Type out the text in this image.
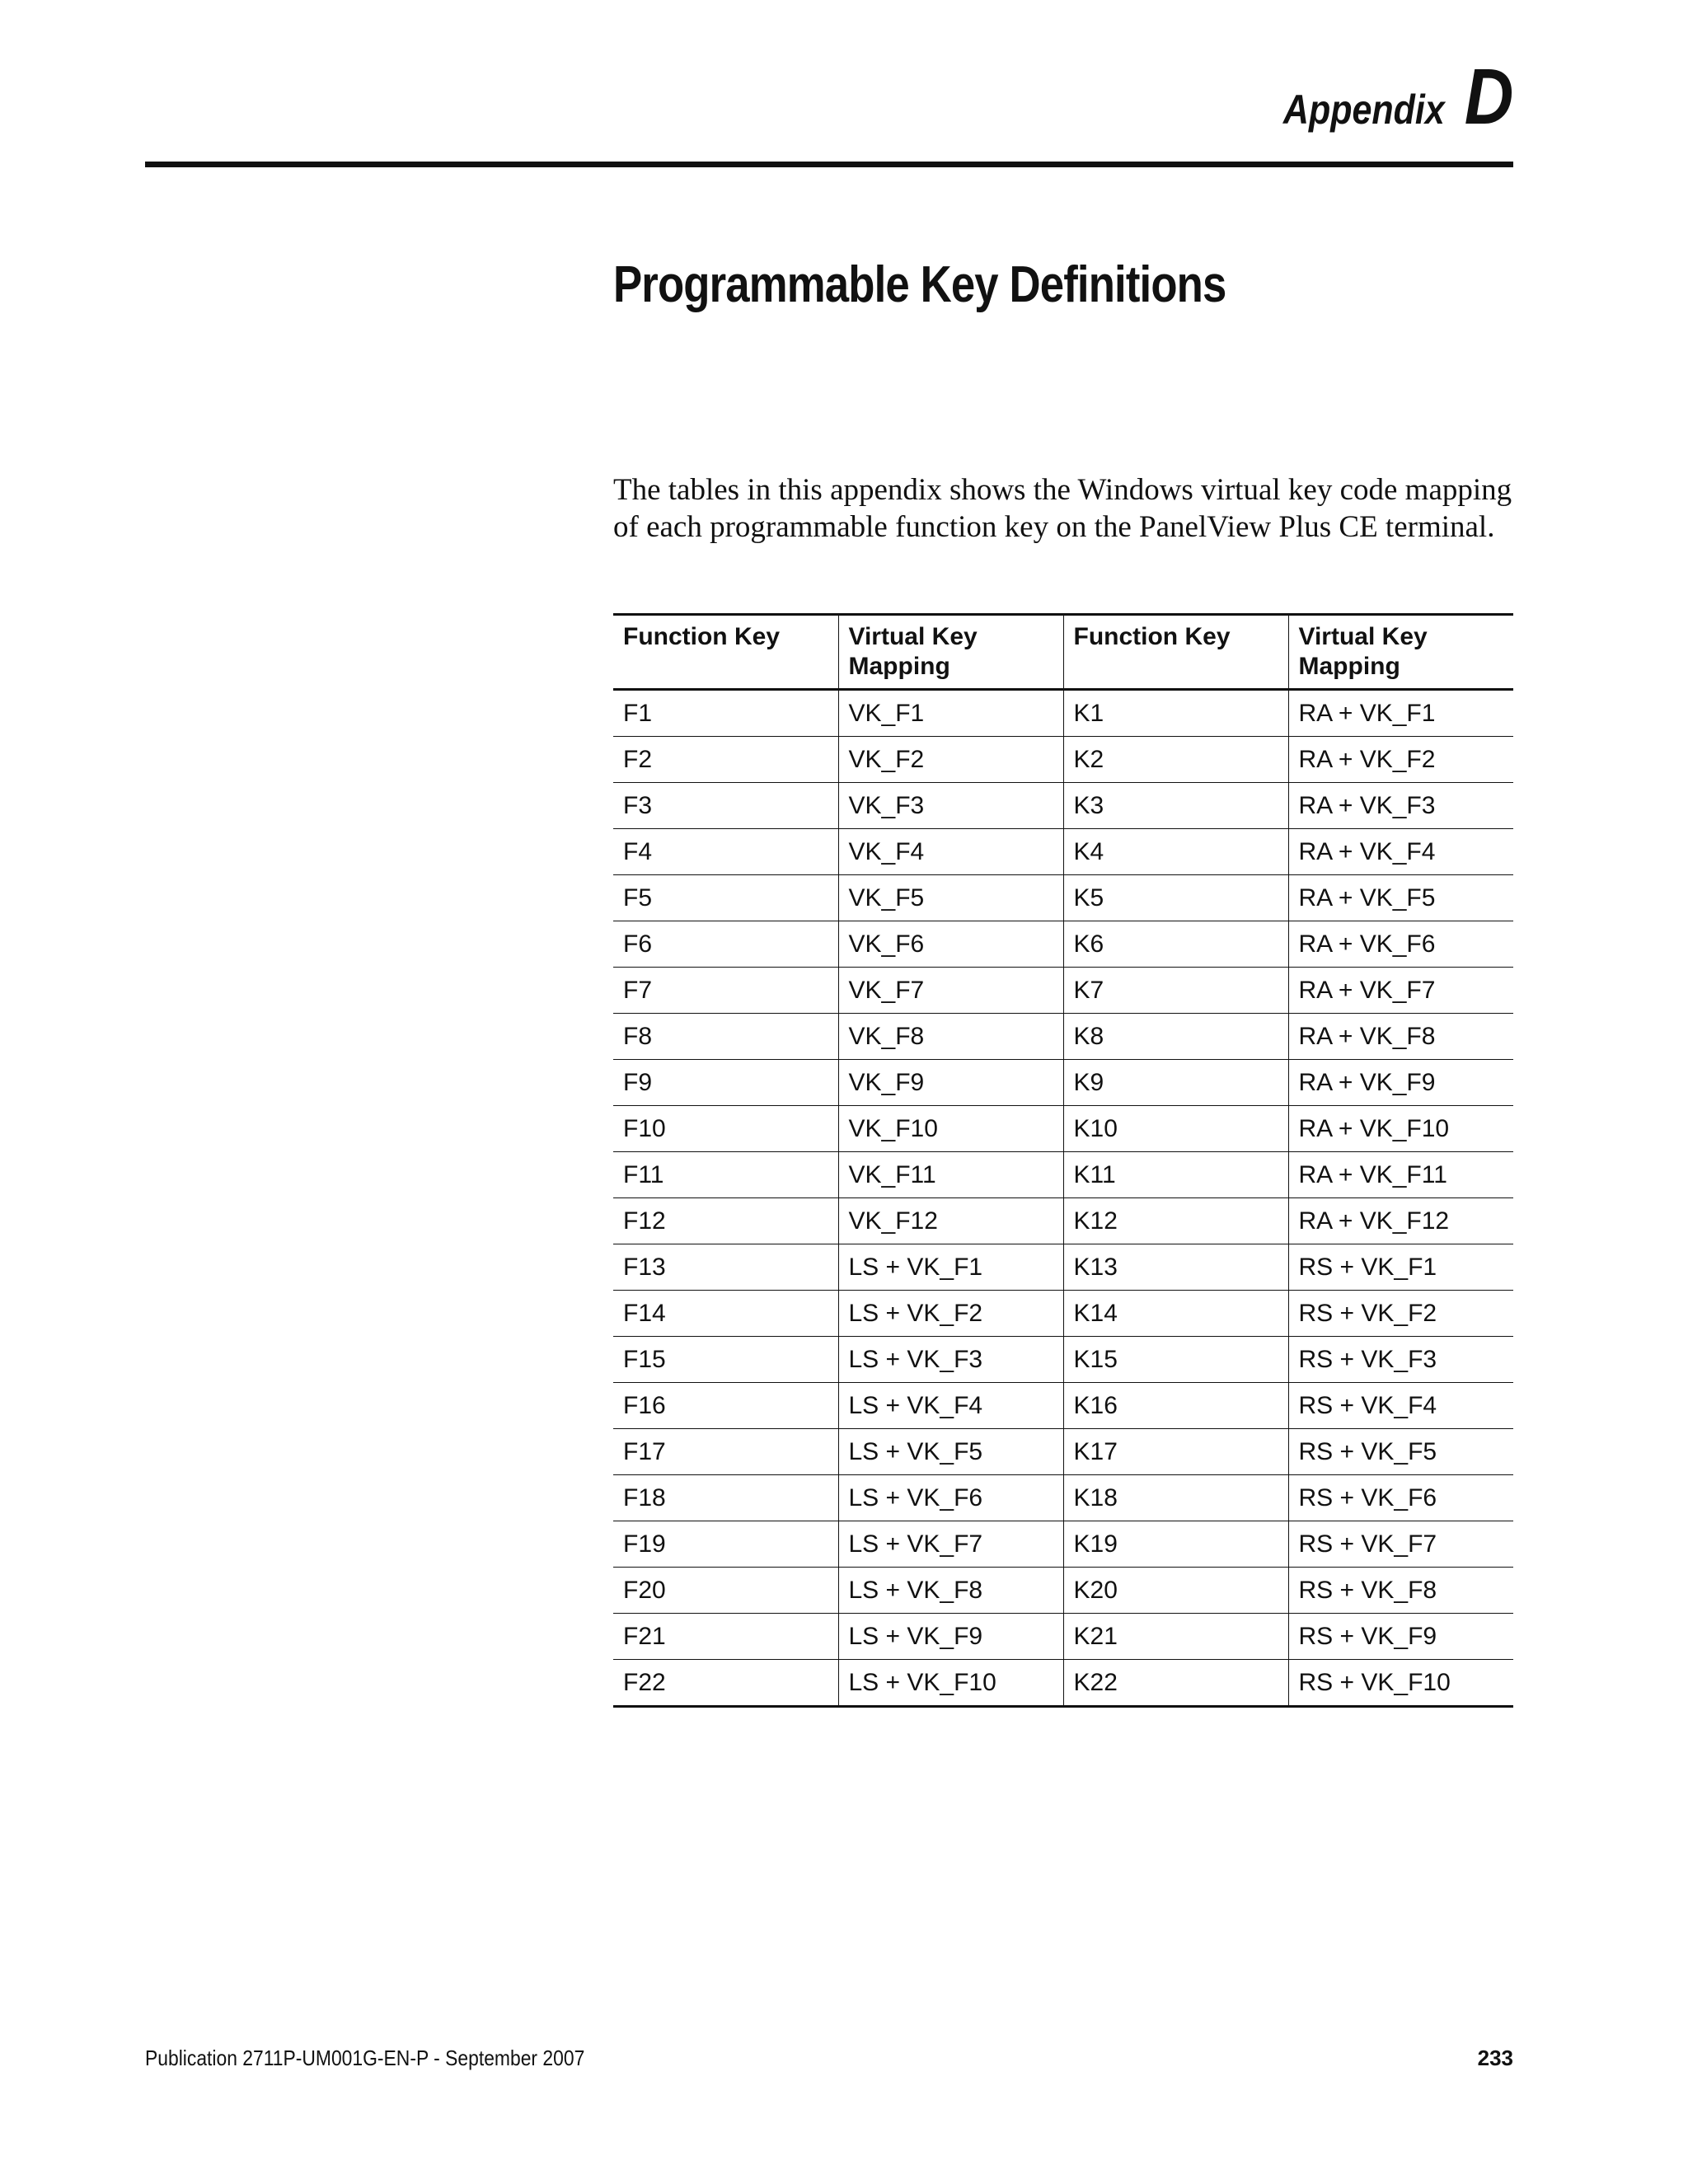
Appendix D
Programmable Key Definitions

The tables in this appendix shows the Windows virtual key code mapping of each programmable function key on the PanelView Plus CE terminal.

Function Key	Virtual Key Mapping	Function Key	Virtual Key Mapping
F1	VK_F1	K1	RA + VK_F1
F2	VK_F2	K2	RA + VK_F2
F3	VK_F3	K3	RA + VK_F3
F4	VK_F4	K4	RA + VK_F4
F5	VK_F5	K5	RA + VK_F5
F6	VK_F6	K6	RA + VK_F6
F7	VK_F7	K7	RA + VK_F7
F8	VK_F8	K8	RA + VK_F8
F9	VK_F9	K9	RA + VK_F9
F10	VK_F10	K10	RA + VK_F10
F11	VK_F11	K11	RA + VK_F11
F12	VK_F12	K12	RA + VK_F12
F13	LS + VK_F1	K13	RS + VK_F1
F14	LS + VK_F2	K14	RS + VK_F2
F15	LS + VK_F3	K15	RS + VK_F3
F16	LS + VK_F4	K16	RS + VK_F4
F17	LS + VK_F5	K17	RS + VK_F5
F18	LS + VK_F6	K18	RS + VK_F6
F19	LS + VK_F7	K19	RS + VK_F7
F20	LS + VK_F8	K20	RS + VK_F8
F21	LS + VK_F9	K21	RS + VK_F9
F22	LS + VK_F10	K22	RS + VK_F10
Publication 2711P-UM001G-EN-P - September 2007	233
